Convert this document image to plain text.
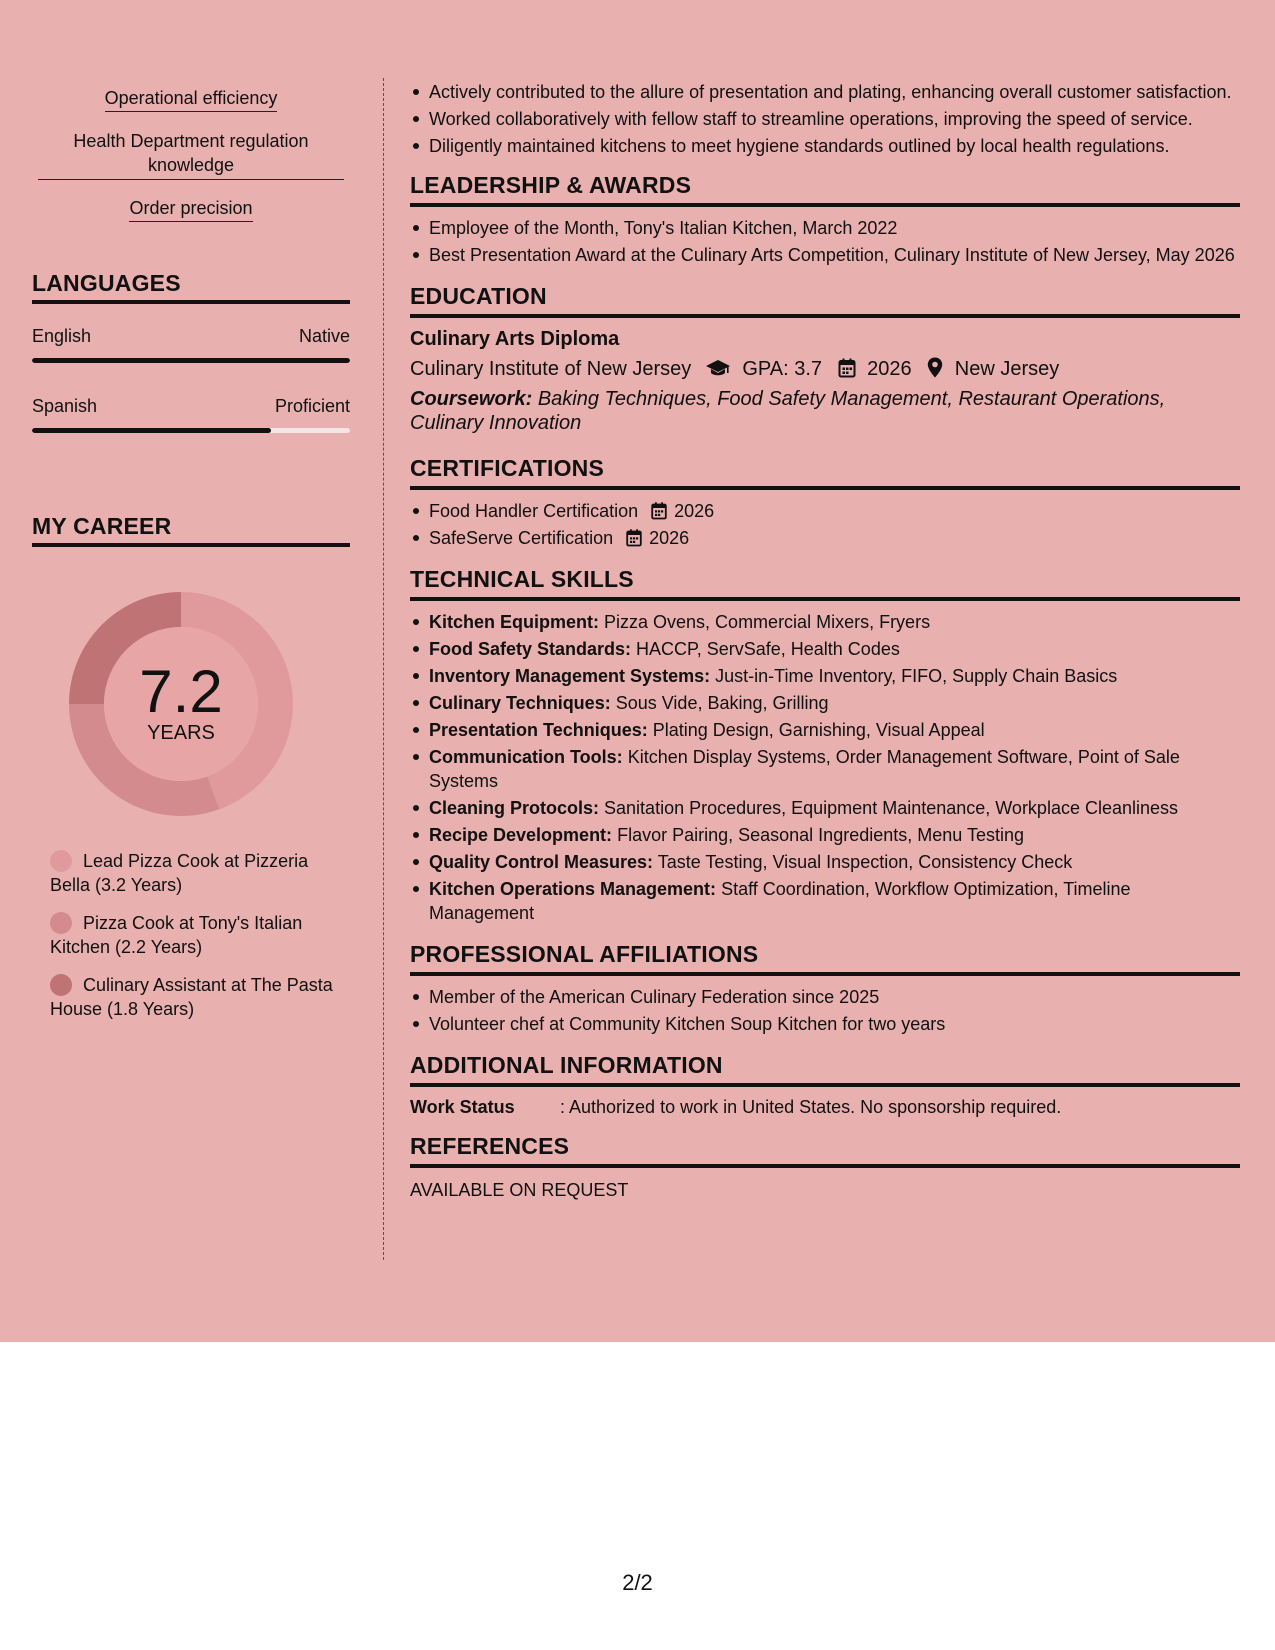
Operational efficiency
Health Department regulation knowledge
Order precision
LANGUAGES
English	Native
Spanish	Proficient
MY CAREER
7.2
YEARS
Lead Pizza Cook at Pizzeria Bella (3.2 Years)
Pizza Cook at Tony's Italian Kitchen (2.2 Years)
Culinary Assistant at The Pasta House (1.8 Years)
Actively contributed to the allure of presentation and plating, enhancing overall customer satisfaction.
Worked collaboratively with fellow staff to streamline operations, improving the speed of service.
Diligently maintained kitchens to meet hygiene standards outlined by local health regulations.
LEADERSHIP & AWARDS
Employee of the Month, Tony's Italian Kitchen, March 2022
Best Presentation Award at the Culinary Arts Competition, Culinary Institute of New Jersey, May 2026
EDUCATION
Culinary Arts Diploma
Culinary Institute of New Jersey	GPA: 3.7 2026 New Jersey
Coursework: Baking Techniques, Food Safety Management, Restaurant Operations, Culinary Innovation
CERTIFICATIONS
Food Handler Certification 2026
SafeServe Certification 2026
TECHNICAL SKILLS
Kitchen Equipment: Pizza Ovens, Commercial Mixers, Fryers
Food Safety Standards: HACCP, ServSafe, Health Codes
Inventory Management Systems: Just-in-Time Inventory, FIFO, Supply Chain Basics
Culinary Techniques: Sous Vide, Baking, Grilling
Presentation Techniques: Plating Design, Garnishing, Visual Appeal
Communication Tools: Kitchen Display Systems, Order Management Software, Point of Sale Systems
Cleaning Protocols: Sanitation Procedures, Equipment Maintenance, Workplace Cleanliness
Recipe Development: Flavor Pairing, Seasonal Ingredients, Menu Testing
Quality Control Measures: Taste Testing, Visual Inspection, Consistency Check
Kitchen Operations Management: Staff Coordination, Workflow Optimization, Timeline Management
PROFESSIONAL AFFILIATIONS
Member of the American Culinary Federation since 2025
Volunteer chef at Community Kitchen Soup Kitchen for two years
ADDITIONAL INFORMATION
Work Status	: Authorized to work in United States. No sponsorship required.
REFERENCES
AVAILABLE ON REQUEST
2/2
